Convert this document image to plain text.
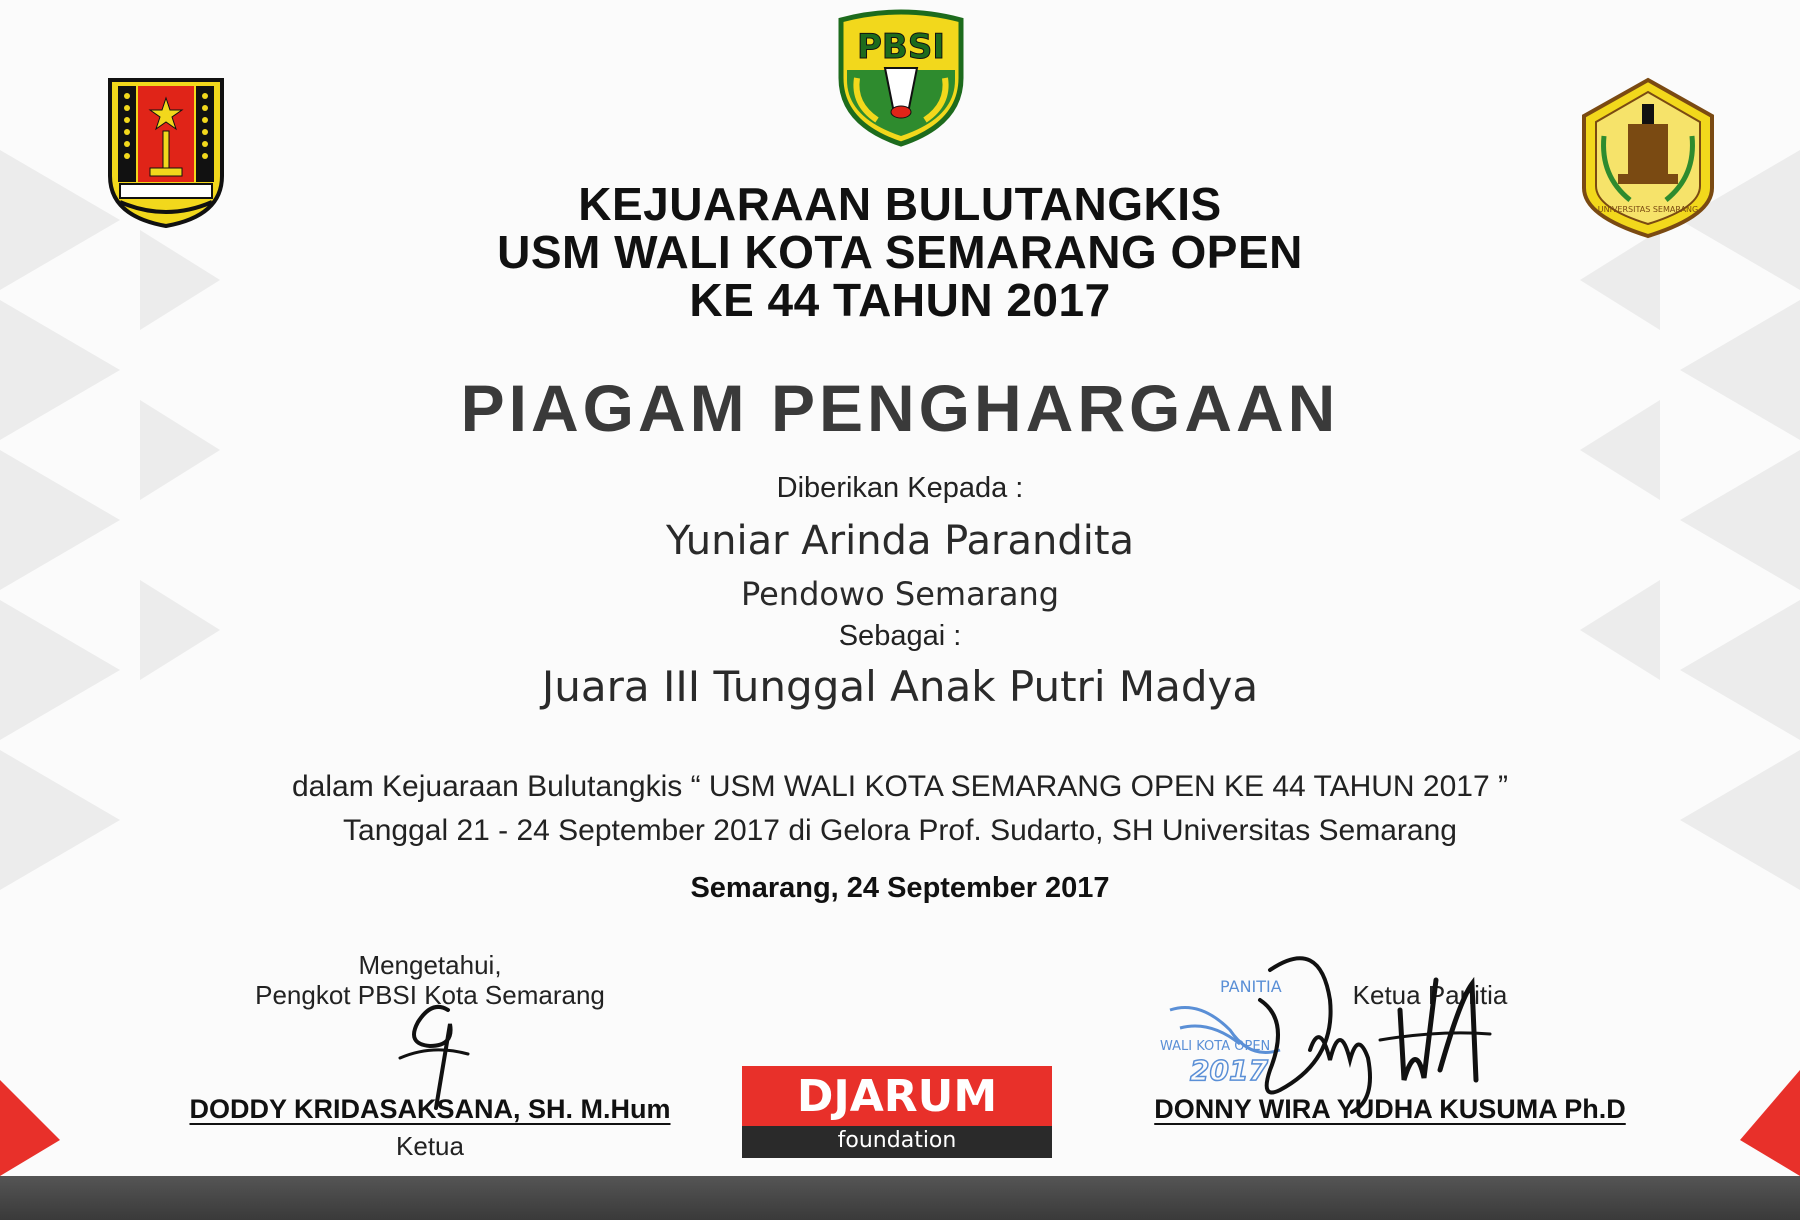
PBSI
UNIVERSITAS SEMARANG
KEJUARAAN BULUTANGKIS
USM WALI KOTA SEMARANG OPEN
KE 44 TAHUN 2017
PIAGAM PENGHARGAAN
Diberikan Kepada :
Yuniar Arinda Parandita
Pendowo Semarang
Sebagai :
Juara III Tunggal Anak Putri Madya
dalam Kejuaraan Bulutangkis “ USM WALI KOTA SEMARANG OPEN KE 44 TAHUN 2017 ”
Tanggal 21 - 24 September 2017 di Gelora Prof. Sudarto, SH Universitas Semarang
Semarang, 24 September 2017
Mengetahui,
Pengkot PBSI Kota Semarang
DODDY KRIDASAKSANA, SH. M.Hum
Ketua
PANITIA
WALI KOTA OPEN
2017
Ketua Panitia
DONNY WIRA YUDHA KUSUMA Ph.D
DJARUM
foundation
